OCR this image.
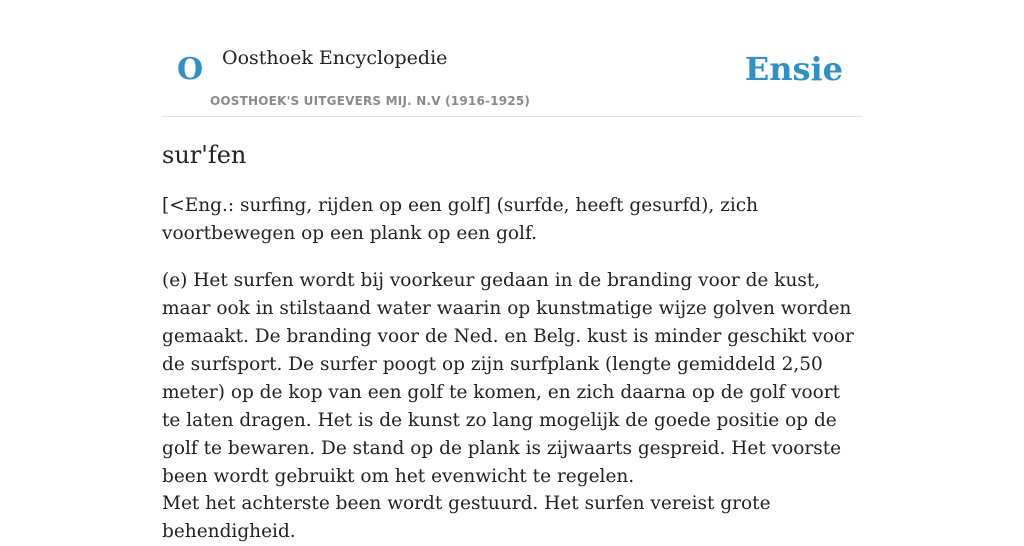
O Oosthoek Encyclopedie
OOSTHOEK'S UITGEVERS MIJ. N.V (1916-1925)
Ensie
sur'fen

[<Eng.: surfing, rijden op een golf] (surfde, heeft gesurfd), zich voortbewegen op een plank op een golf.

(e) Het surfen wordt bij voorkeur gedaan in de branding voor de kust, maar ook in stilstaand water waarin op kunstmatige wijze golven worden gemaakt. De branding voor de Ned. en Belg. kust is minder geschikt voor de surfsport. De surfer poogt op zijn surfplank (lengte gemiddeld 2,50 meter) op de kop van een golf te komen, en zich daarna op de golf voort te laten dragen. Het is de kunst zo lang mogelijk de goede positie op de golf te bewaren. De stand op de plank is zijwaarts gespreid. Het voorste been wordt gebruikt om het evenwicht te regelen.

Met het achterste been wordt gestuurd. Het surfen vereist grote behendigheid.
